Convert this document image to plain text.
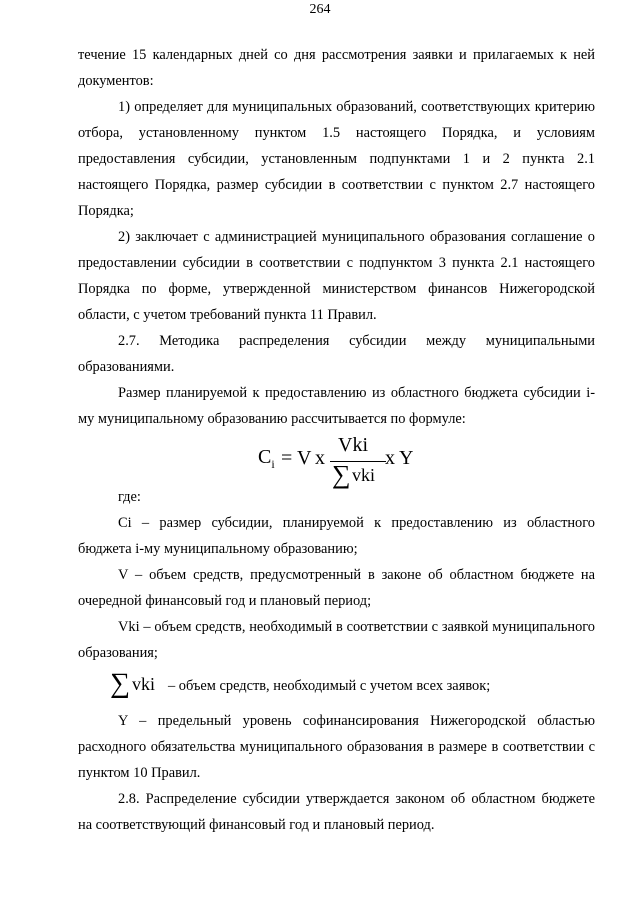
264
течение 15 календарных дней со дня рассмотрения заявки и прилагаемых к ней документов:
1) определяет для муниципальных образований, соответствующих критерию отбора, установленному пунктом 1.5 настоящего Порядка, и условиям предоставления субсидии, установленным подпунктами 1 и 2 пункта 2.1 настоящего Порядка, размер субсидии в соответствии с пунктом 2.7 настоящего Порядка;
2) заключает с администрацией муниципального образования соглашение о предоставлении субсидии в соответствии с подпунктом 3 пункта 2.1 настоящего Порядка по форме, утвержденной министерством финансов Нижегородской области, с учетом требований пункта 11 Правил.
2.7. Методика распределения субсидии между муниципальными образованиями.
Размер планируемой к предоставлению из областного бюджета субсидии i-му муниципальному образованию рассчитывается по формуле:
$C_i = V$ x
Vki
∑ vki
x Y
где:
Ci – размер субсидии, планируемой к предоставлению из областного бюджета i-му муниципальному образованию;
V – объем средств, предусмотренный в законе об областном бюджете на очередной финансовый год и плановый период;
Vki – объем средств, необходимый в соответствии с заявкой муниципального образования;
∑ vki – объем средств, необходимый с учетом всех заявок;
Y – предельный уровень софинансирования Нижегородской областью расходного обязательства муниципального образования в размере в соответствии с пунктом 10 Правил.
2.8. Распределение субсидии утверждается законом об областном бюджете на соответствующий финансовый год и плановый период.
